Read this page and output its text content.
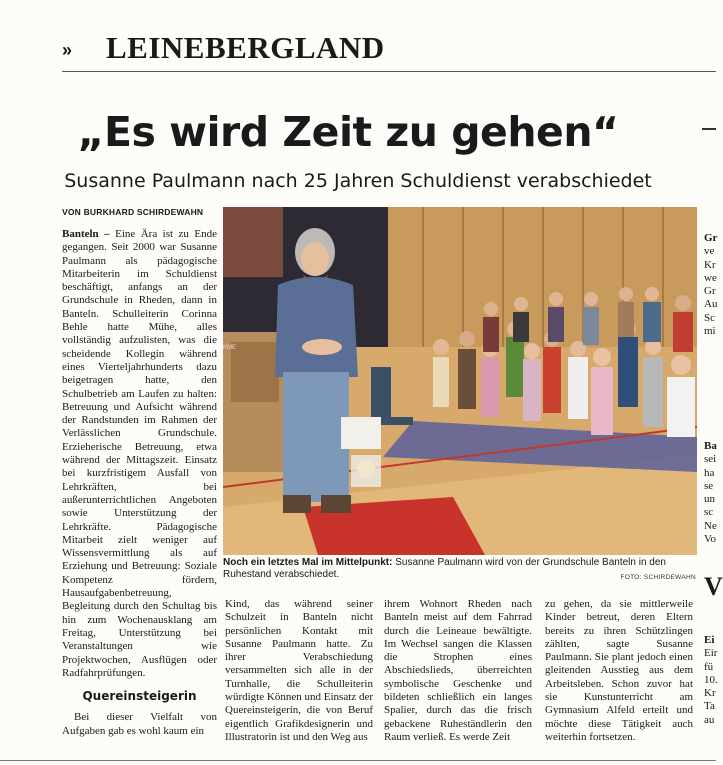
» LEINEBERGLAND
„Es wird Zeit zu gehen“
Susanne Paulmann nach 25 Jahren Schuldienst verabschiedet
VON BURKHARD SCHIRDEWAHN

Banteln – Eine Ära ist zu Ende gegangen. Seit 2000 war Susanne Paulmann als pädagogische Mitarbeiterin im Schuldienst beschäftigt, anfangs an der Grundschule in Rheden, dann in Banteln. Schulleiterin Corinna Behle hatte Mühe, alles vollständig aufzulisten, was die scheidende Kollegin während eines Vierteljahrhunderts dazu beigetragen hatte, den Schulbetrieb am Laufen zu halten: Betreuung und Aufsicht während der Randstunden im Rahmen der Verlässlichen Grundschule. Erzieherische Betreuung, etwa während der Mittagszeit. Einsatz bei kurzfristigem Ausfall von Lehrkräften, bei außerunterrichtlichen Angeboten sowie Unterstützung der Lehrkräfte. Pädagogische Mitarbeit zielt weniger auf Wissensvermittlung als auf Erziehung und Betreuung: Soziale Kompetenz fördern, Hausaufgabenbetreuung, Begleitung durch den Schultag bis hin zum Wochenausklang am Freitag, Unterstützung bei Veranstaltungen wie Projektwochen, Ausflügen oder Radfahrprüfungen.

Quereinsteigerin

Bei dieser Vielfalt von Aufgaben gab es wohl kaum ein

KME
Noch ein letztes Mal im Mittelpunkt: Susanne Paulmann wird von der Grundschule Banteln in den Ruhestand verabschiedet.	FOTO: SCHIRDEWAHN
Kind, das während seiner Schulzeit in Banteln nicht persönlichen Kontakt mit Susanne Paulmann hatte. Zu ihrer Verabschiedung versammelten sich alle in der Turnhalle, die Schulleiterin würdigte Können und Einsatz der Quereinsteigerin, die von Beruf eigentlich Grafikdesignerin und Illustratorin ist und den Weg aus
ihrem Wohnort Rheden nach Banteln meist auf dem Fahrrad durch die Leineaue bewältigte. Im Wechsel sangen die Klassen die Strophen eines Abschiedslieds, überreichten symbolische Geschenke und bildeten schließlich ein langes Spalier, durch das die frisch gebackene Ruheständlerin den Raum verließ. Es werde Zeit
zu gehen, da sie mittlerweile Kinder betreut, deren Eltern bereits zu ihren Schützlingen zählten, sagte Susanne Paulmann. Sie plant jedoch einen gleitenden Ausstieg aus dem Arbeitsleben. Schon zuvor hat sie Kunstunterricht am Gymnasium Alfeld erteilt und möchte diese Tätigkeit auch weiterhin fortsetzen.
Gr
ve
Kr
we
Gr
Au
Sc
mi
Ba
sei
ha
se
un
sc
Ne
Vo
V
Ei
Eir
fü
10.
Kr
Ta
au
